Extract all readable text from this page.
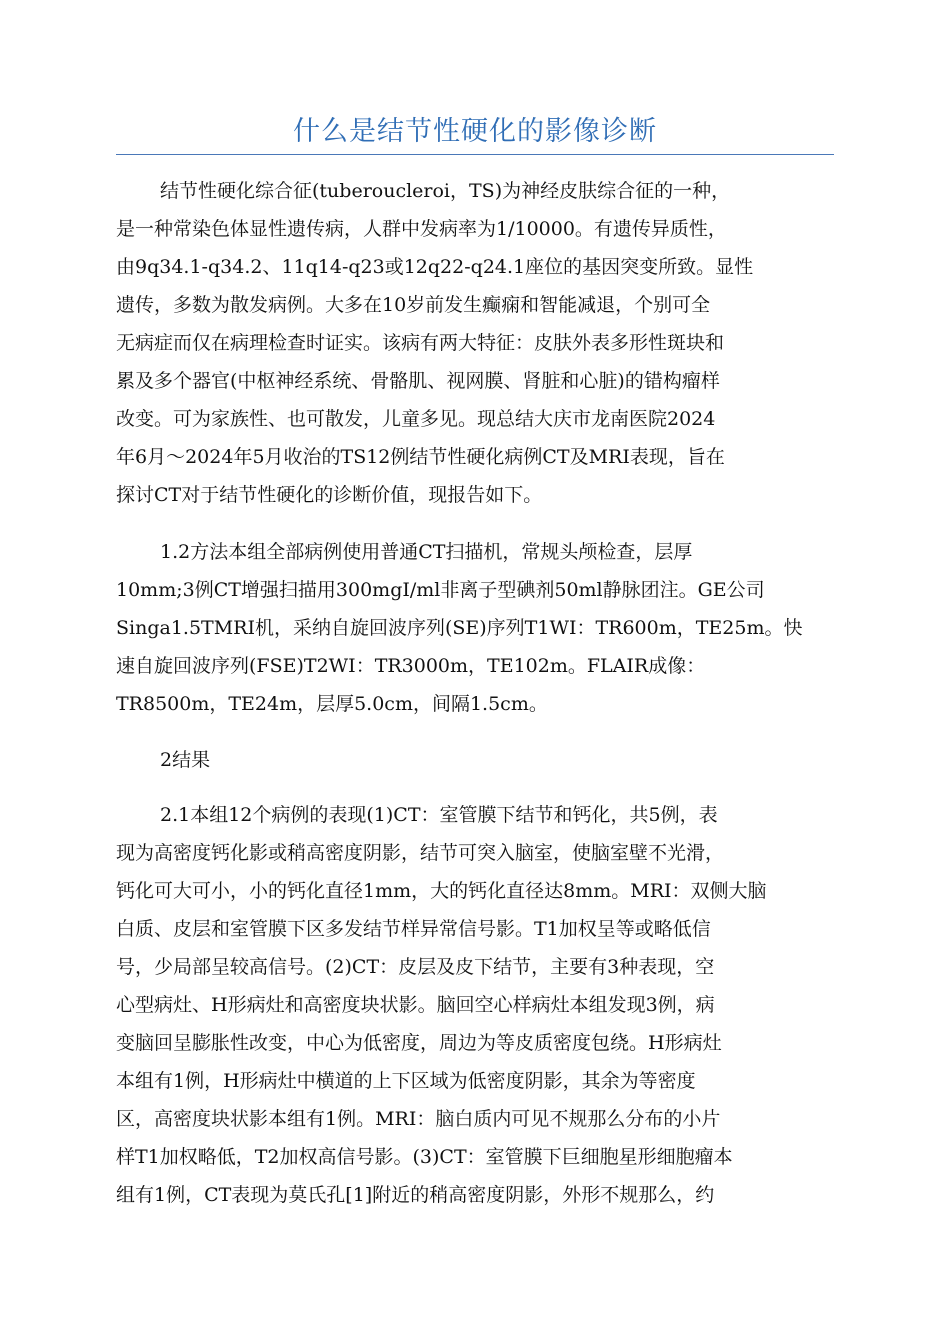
什么是结节性硬化的影像诊断
结节性硬化综合征(tuberoucleroi，TS)为神经皮肤综合征的一种，
是一种常染色体显性遗传病，人群中发病率为1/10000。有遗传异质性，
由9q34.1-q34.2、11q14-q23或12q22-q24.1座位的基因突变所致。显性
遗传，多数为散发病例。大多在10岁前发生癫痫和智能减退，个别可全
无病症而仅在病理检查时证实。该病有两大特征：皮肤外表多形性斑块和
累及多个器官(中枢神经系统、骨骼肌、视网膜、肾脏和心脏)的错构瘤样
改变。可为家族性、也可散发，儿童多见。现总结大庆市龙南医院2024
年6月～2024年5月收治的TS12例结节性硬化病例CT及MRI表现，旨在
探讨CT对于结节性硬化的诊断价值，现报告如下。
1.2方法本组全部病例使用普通CT扫描机，常规头颅检查，层厚
10mm;3例CT增强扫描用300mgI/ml非离子型碘剂50ml静脉团注。GE公司
Singa1.5TMRI机，采纳自旋回波序列(SE)序列T1WI：TR600m，TE25m。快
速自旋回波序列(FSE)T2WI：TR3000m，TE102m。FLAIR成像：
TR8500m，TE24m，层厚5.0cm，间隔1.5cm。
2结果
2.1本组12个病例的表现(1)CT：室管膜下结节和钙化，共5例，表
现为高密度钙化影或稍高密度阴影，结节可突入脑室，使脑室壁不光滑，
钙化可大可小，小的钙化直径1mm，大的钙化直径达8mm。MRI：双侧大脑
白质、皮层和室管膜下区多发结节样异常信号影。T1加权呈等或略低信
号，少局部呈较高信号。(2)CT：皮层及皮下结节，主要有3种表现，空
心型病灶、H形病灶和高密度块状影。脑回空心样病灶本组发现3例，病
变脑回呈膨胀性改变，中心为低密度，周边为等皮质密度包绕。H形病灶
本组有1例，H形病灶中横道的上下区域为低密度阴影，其余为等密度
区，高密度块状影本组有1例。MRI：脑白质内可见不规那么分布的小片
样T1加权略低，T2加权高信号影。(3)CT：室管膜下巨细胞星形细胞瘤本
组有1例，CT表现为莫氏孔[1]附近的稍高密度阴影，外形不规那么，约
